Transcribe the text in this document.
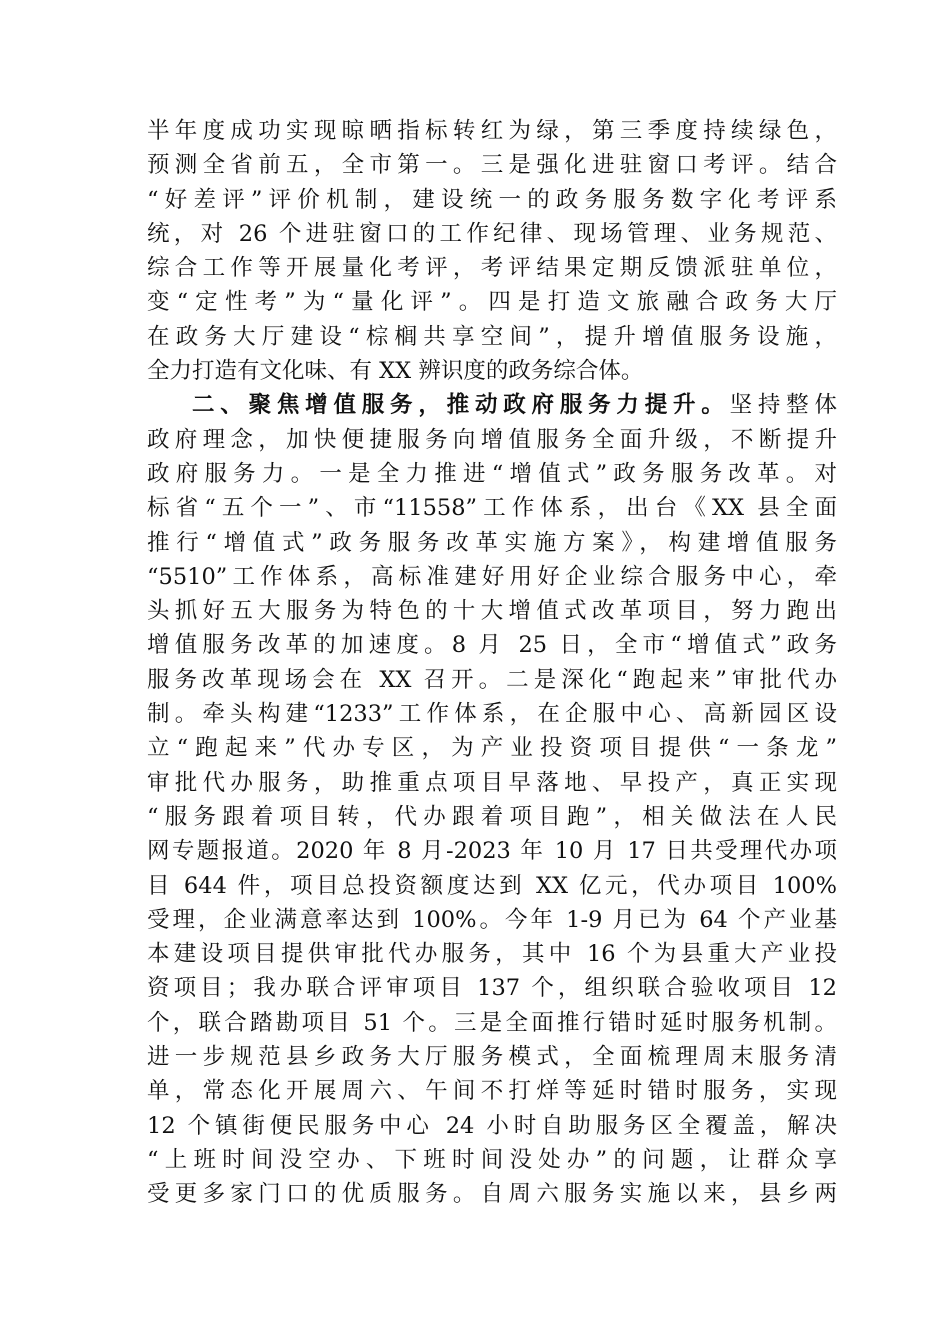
半年度成功实现晾晒指标转红为绿，第三季度持续绿色，
预测全省前五，全市第一。三是强化进驻窗口考评。结合
“好差评”评价机制，建设统一的政务服务数字化考评系
统，对 26 个进驻窗口的工作纪律、现场管理、业务规范、
综合工作等开展量化考评，考评结果定期反馈派驻单位，
变“定性考”为“量化评”。四是打造文旅融合政务大厅
在政务大厅建设“棕榈共享空间”，提升增值服务设施，
全力打造有文化味、有 XX 辨识度的政务综合体。
二、聚焦增值服务，推动政府服务力提升。坚持整体
政府理念，加快便捷服务向增值服务全面升级，不断提升
政府服务力。一是全力推进“增值式”政务服务改革。对
标省“五个一”、市“11558”工作体系，出台《XX 县全面
推行“增值式”政务服务改革实施方案》，构建增值服务
“5510”工作体系，高标准建好用好企业综合服务中心，牵
头抓好五大服务为特色的十大增值式改革项目，努力跑出
增值服务改革的加速度。8 月 25 日，全市“增值式”政务
服务改革现场会在 XX 召开。二是深化“跑起来”审批代办
制。牵头构建“1233”工作体系，在企服中心、高新园区设
立“跑起来”代办专区，为产业投资项目提供“一条龙”
审批代办服务，助推重点项目早落地、早投产，真正实现
“服务跟着项目转，代办跟着项目跑”，相关做法在人民
网专题报道。2020 年 8 月-2023 年 10 月 17 日共受理代办项
目 644 件，项目总投资额度达到 XX 亿元，代办项目 100%
受理，企业满意率达到 100%。今年 1-9 月已为 64 个产业基
本建设项目提供审批代办服务，其中 16 个为县重大产业投
资项目；我办联合评审项目 137 个，组织联合验收项目 12
个，联合踏勘项目 51 个。三是全面推行错时延时服务机制。
进一步规范县乡政务大厅服务模式，全面梳理周末服务清
单，常态化开展周六、午间不打烊等延时错时服务，实现
12 个镇街便民服务中心 24 小时自助服务区全覆盖，解决
“上班时间没空办、下班时间没处办”的问题，让群众享
受更多家门口的优质服务。自周六服务实施以来，县乡两
